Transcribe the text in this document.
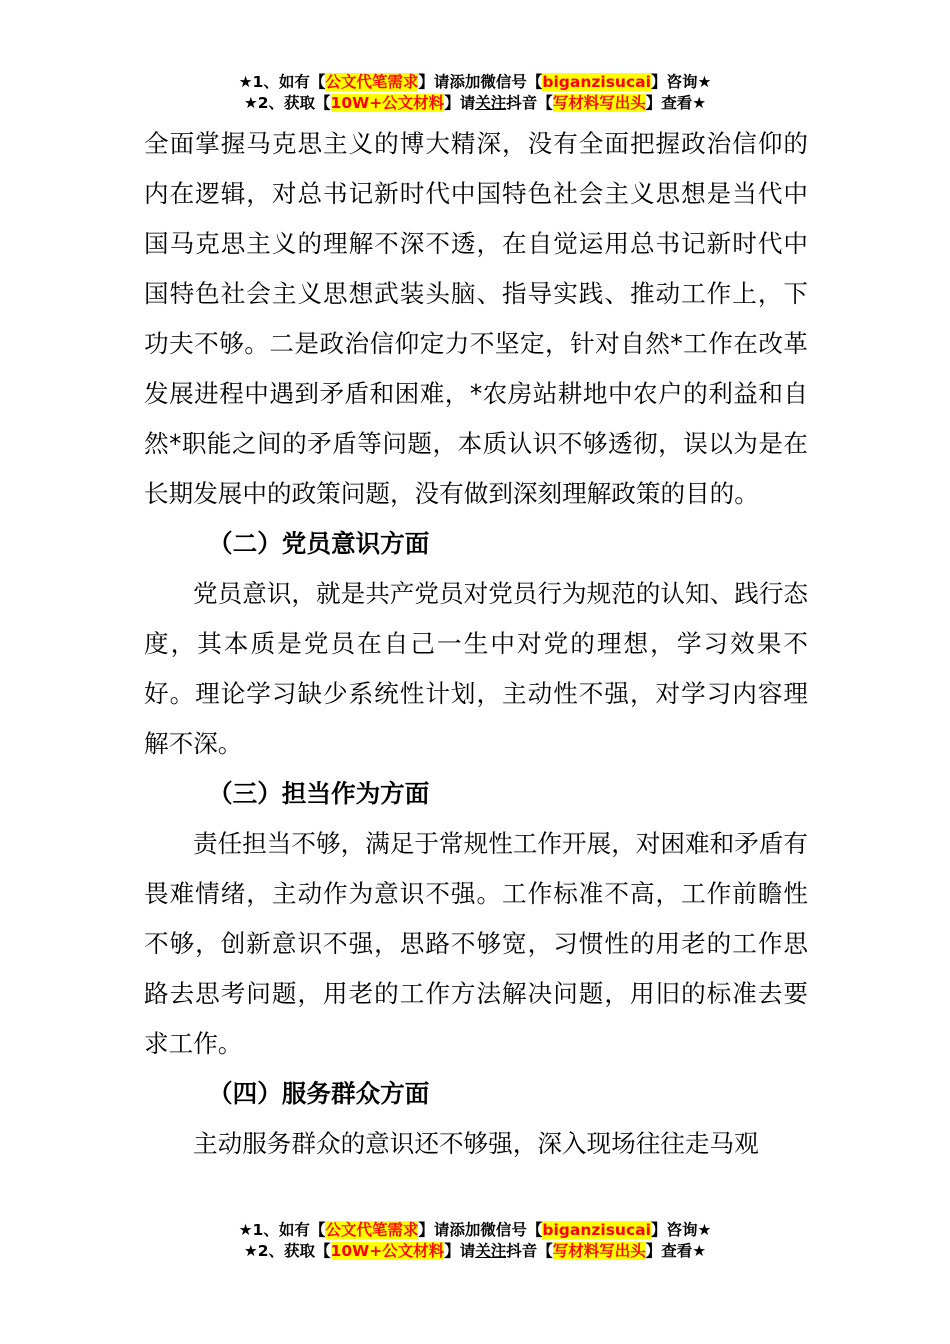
★1、如有【公文代笔需求】请添加微信号【biganzisucai】咨询★
★2、获取【10W+公文材料】请关注抖音【写材料写出头】查看★

全面掌握马克思主义的博大精深，没有全面把握政治信仰的内在逻辑，对总书记新时代中国特色社会主义思想是当代中国马克思主义的理解不深不透，在自觉运用总书记新时代中国特色社会主义思想武装头脑、指导实践、推动工作上，下功夫不够。二是政治信仰定力不坚定，针对自然*工作在改革发展进程中遇到矛盾和困难，*农房站耕地中农户的利益和自然*职能之间的矛盾等问题，本质认识不够透彻，误以为是在长期发展中的政策问题，没有做到深刻理解政策的目的。

（二）党员意识方面

党员意识，就是共产党员对党员行为规范的认知、践行态度，其本质是党员在自己一生中对党的理想，学习效果不好。理论学习缺少系统性计划，主动性不强，对学习内容理解不深。

（三）担当作为方面

责任担当不够，满足于常规性工作开展，对困难和矛盾有畏难情绪，主动作为意识不强。工作标准不高，工作前瞻性不够，创新意识不强，思路不够宽，习惯性的用老的工作思路去思考问题，用老的工作方法解决问题，用旧的标准去要求工作。

（四）服务群众方面

主动服务群众的意识还不够强，深入现场往往走马观

★1、如有【公文代笔需求】请添加微信号【biganzisucai】咨询★
★2、获取【10W+公文材料】请关注抖音【写材料写出头】查看★
